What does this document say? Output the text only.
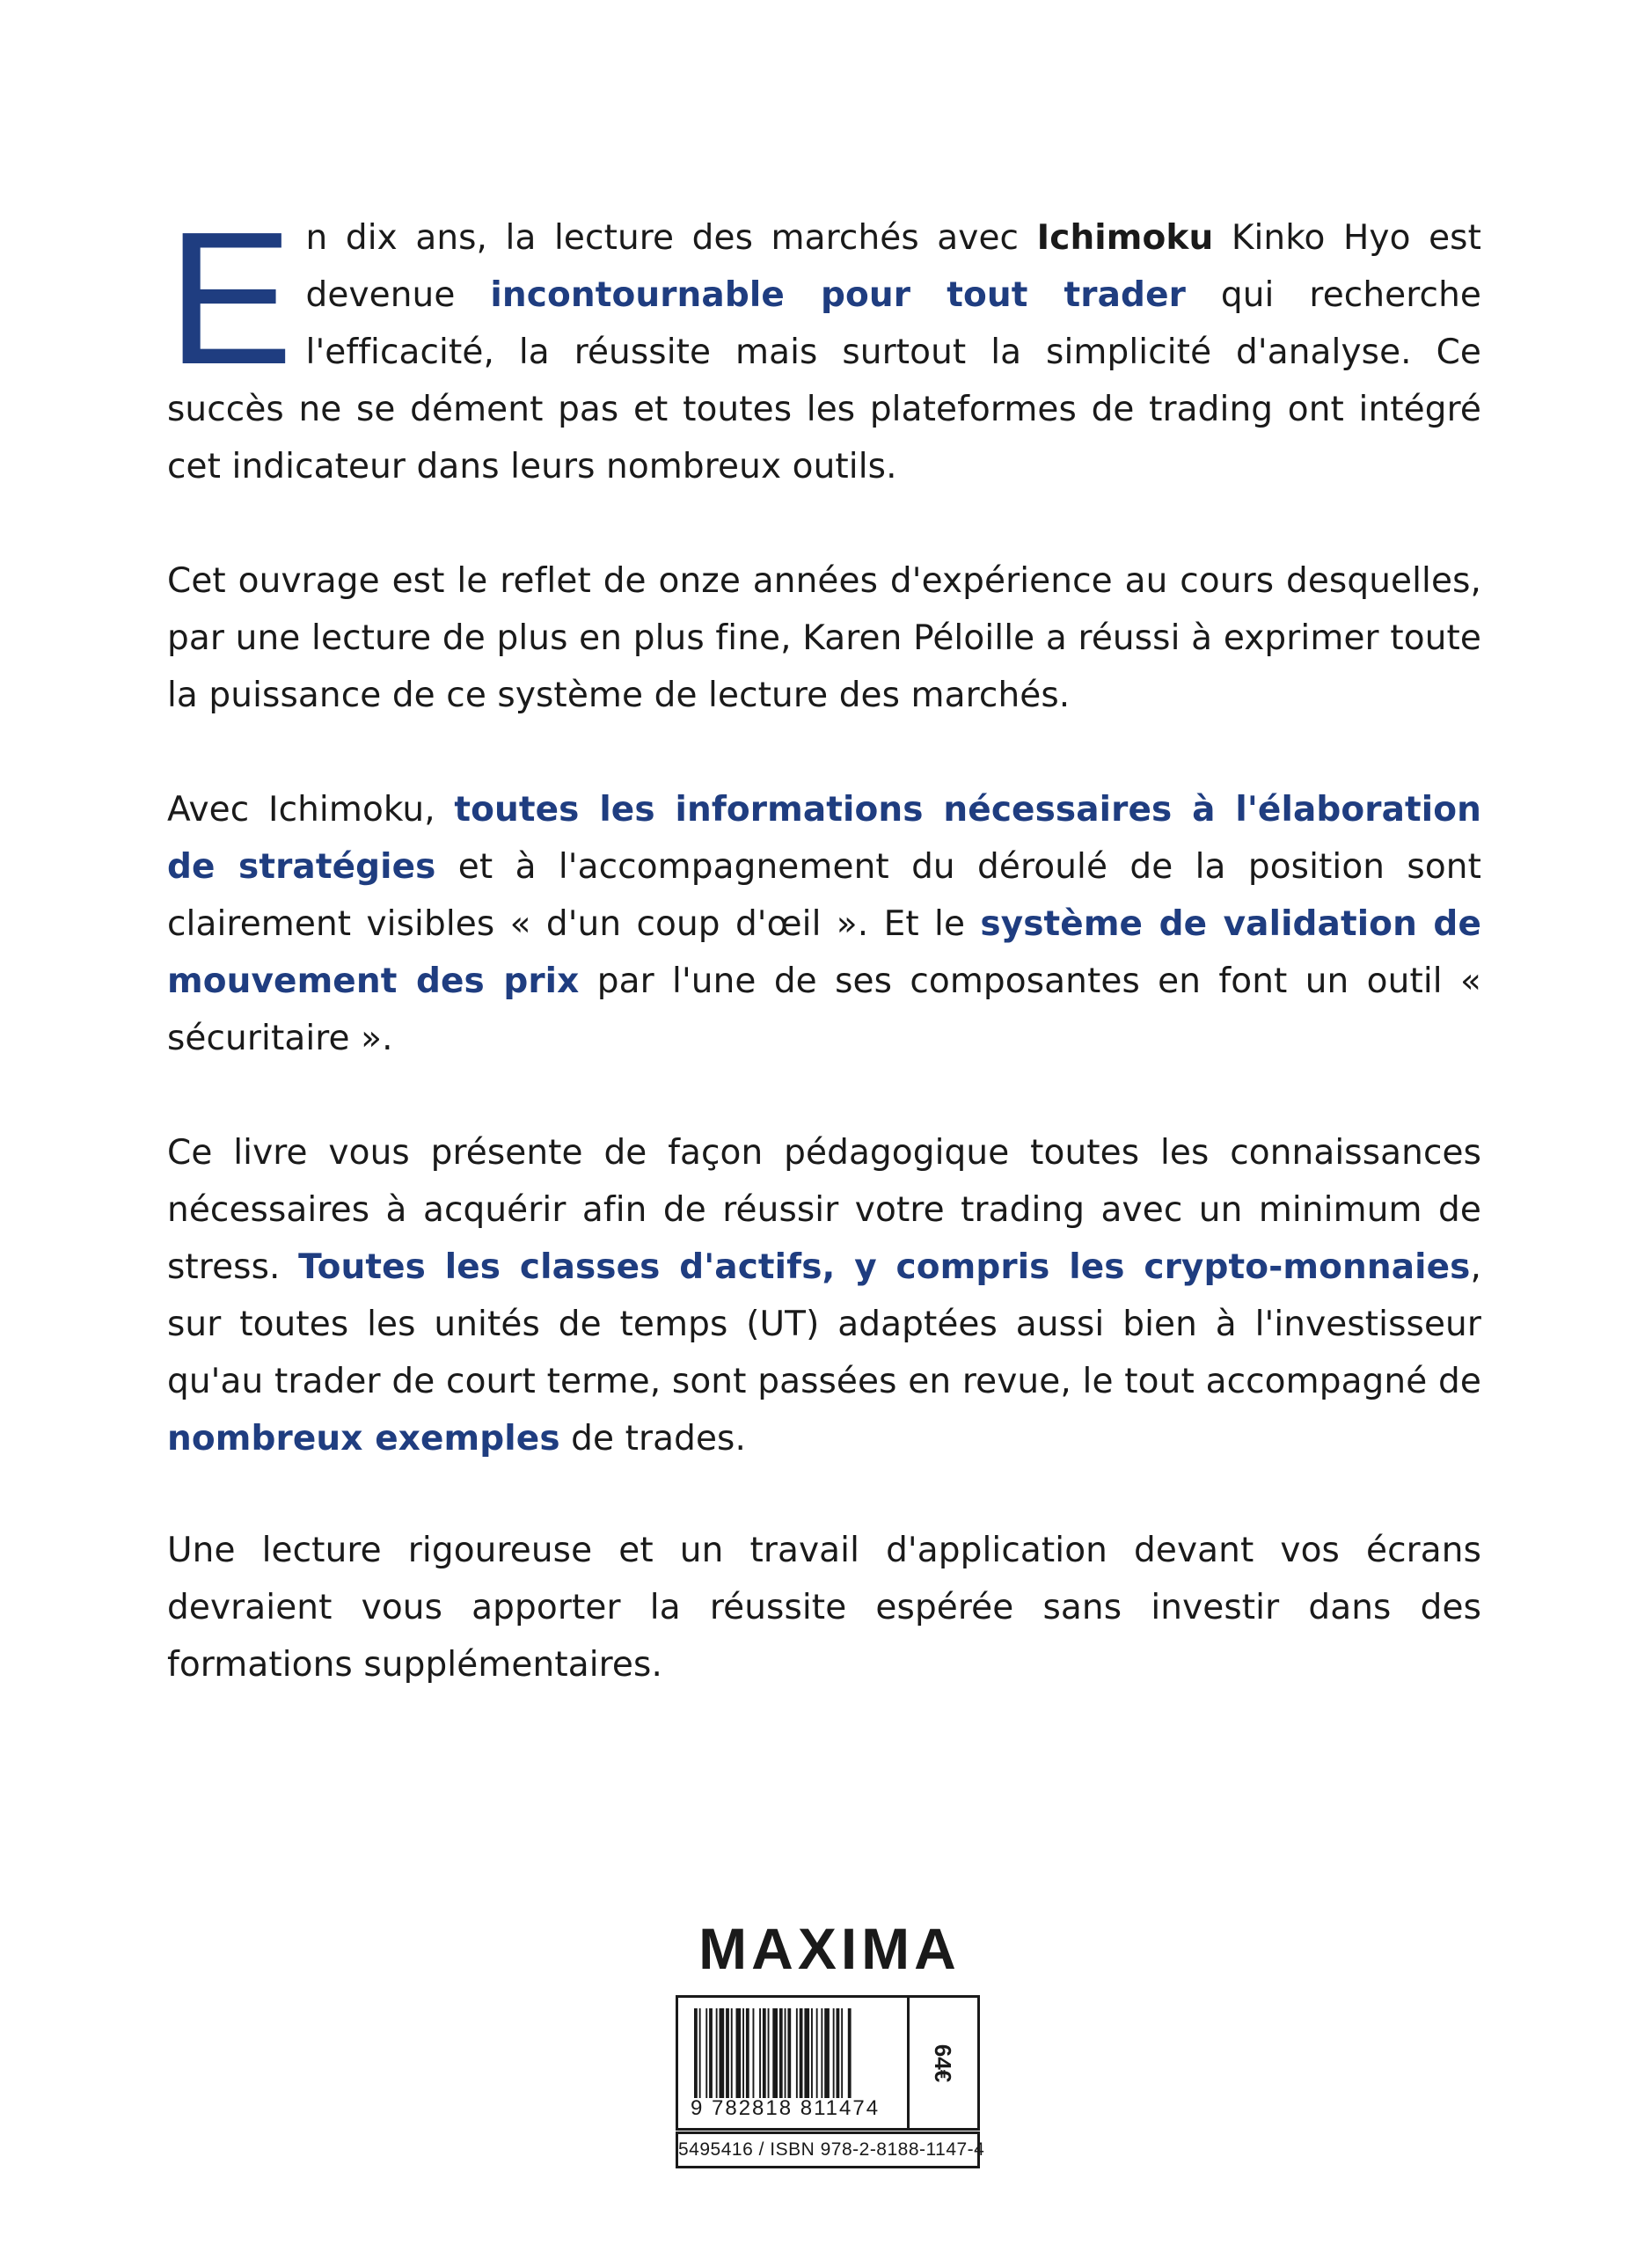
En dix ans, la lecture des marchés avec Ichimoku Kinko Hyo est devenue incontournable pour tout trader qui recherche l'efficacité, la réussite mais surtout la simplicité d'analyse. Ce succès ne se dément pas et toutes les plateformes de trading ont intégré cet indicateur dans leurs nombreux outils.
Cet ouvrage est le reflet de onze années d'expérience au cours desquelles, par une lecture de plus en plus fine, Karen Péloille a réussi à exprimer toute la puissance de ce système de lecture des marchés.
Avec Ichimoku, toutes les informations nécessaires à l'élaboration de stratégies et à l'accompagnement du déroulé de la position sont clairement visibles « d'un coup d'œil ». Et le système de validation de mouvement des prix par l'une de ses composantes en font un outil « sécuritaire ».
Ce livre vous présente de façon pédagogique toutes les connaissances nécessaires à acquérir afin de réussir votre trading avec un minimum de stress. Toutes les classes d'actifs, y compris les crypto-monnaies, sur toutes les unités de temps (UT) adaptées aussi bien à l'investisseur qu'au trader de court terme, sont passées en revue, le tout accompagné de nombreux exemples de trades.
Une lecture rigoureuse et un travail d'application devant vos écrans devraient vous apporter la réussite espérée sans investir dans des formations supplémentaires.
MAXIMA
9 782818 811474
64€
5495416 / ISBN 978-2-8188-1147-4
